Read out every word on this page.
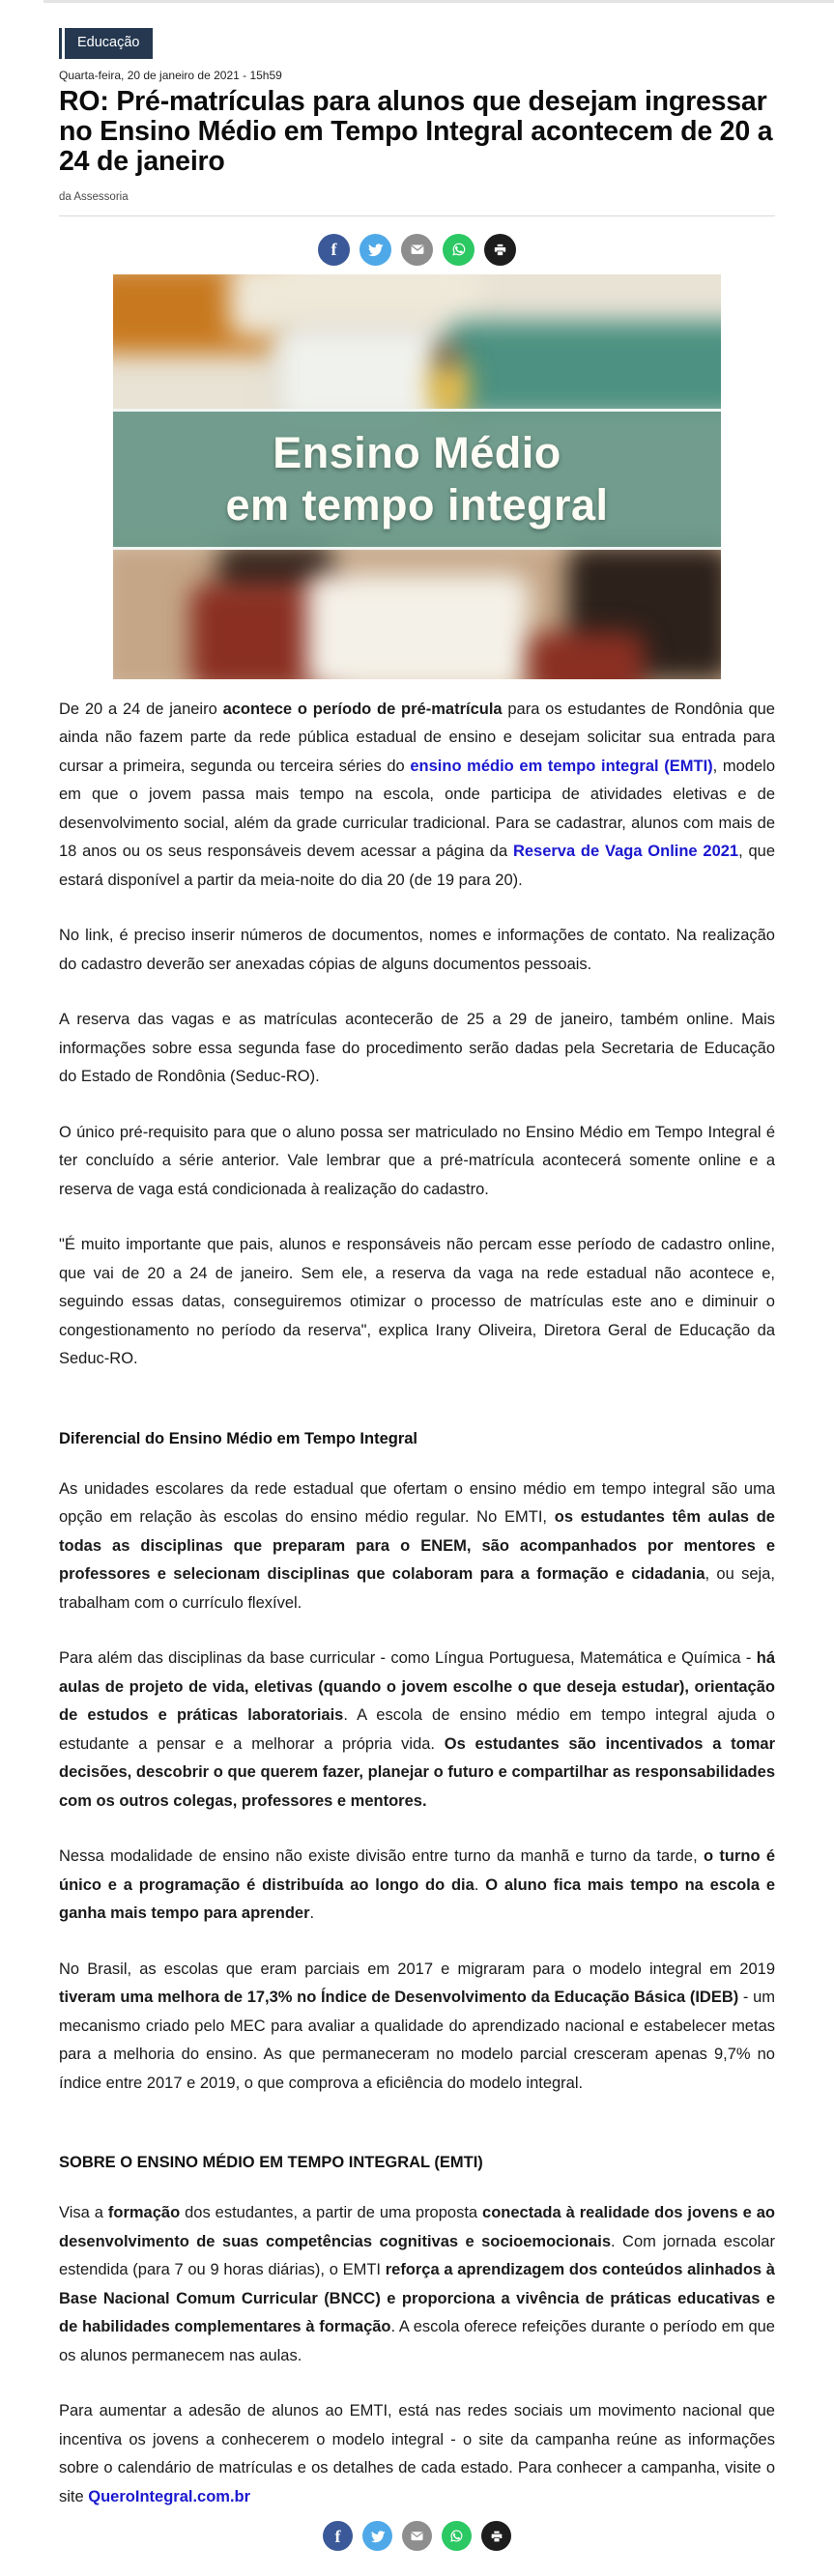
Educação
Quarta-feira, 20 de janeiro de 2021 - 15h59
RO: Pré-matrículas para alunos que desejam ingressar no Ensino Médio em Tempo Integral acontecem de 20 a 24 de janeiro
da Assessoria
f
Ensino Médio
em tempo integral

De 20 a 24 de janeiro acontece o período de pré-matrícula para os estudantes de Rondônia que ainda não fazem parte da rede pública estadual de ensino e desejam solicitar sua entrada para cursar a primeira, segunda ou terceira séries do ensino médio em tempo integral (EMTI), modelo em que o jovem passa mais tempo na escola, onde participa de atividades eletivas e de desenvolvimento social, além da grade curricular tradicional. Para se cadastrar, alunos com mais de 18 anos ou os seus responsáveis devem acessar a página da Reserva de Vaga Online 2021, que estará disponível a partir da meia-noite do dia 20 (de 19 para 20).

No link, é preciso inserir números de documentos, nomes e informações de contato. Na realização do cadastro deverão ser anexadas cópias de alguns documentos pessoais.

A reserva das vagas e as matrículas acontecerão de 25 a 29 de janeiro, também online. Mais informações sobre essa segunda fase do procedimento serão dadas pela Secretaria de Educação do Estado de Rondônia (Seduc-RO).

O único pré-requisito para que o aluno possa ser matriculado no Ensino Médio em Tempo Integral é ter concluído a série anterior. Vale lembrar que a pré-matrícula acontecerá somente online e a reserva de vaga está condicionada à realização do cadastro.

"É muito importante que pais, alunos e responsáveis não percam esse período de cadastro online, que vai de 20 a 24 de janeiro. Sem ele, a reserva da vaga na rede estadual não acontece e, seguindo essas datas, conseguiremos otimizar o processo de matrículas este ano e diminuir o congestionamento no período da reserva", explica Irany Oliveira, Diretora Geral de Educação da Seduc-RO.

Diferencial do Ensino Médio em Tempo Integral

As unidades escolares da rede estadual que ofertam o ensino médio em tempo integral são uma opção em relação às escolas do ensino médio regular. No EMTI, os estudantes têm aulas de todas as disciplinas que preparam para o ENEM, são acompanhados por mentores e professores e selecionam disciplinas que colaboram para a formação e cidadania, ou seja, trabalham com o currículo flexível.

Para além das disciplinas da base curricular - como Língua Portuguesa, Matemática e Química - há aulas de projeto de vida, eletivas (quando o jovem escolhe o que deseja estudar), orientação de estudos e práticas laboratoriais. A escola de ensino médio em tempo integral ajuda o estudante a pensar e a melhorar a própria vida. Os estudantes são incentivados a tomar decisões, descobrir o que querem fazer, planejar o futuro e compartilhar as responsabilidades com os outros colegas, professores e mentores.

Nessa modalidade de ensino não existe divisão entre turno da manhã e turno da tarde, o turno é único e a programação é distribuída ao longo do dia. O aluno fica mais tempo na escola e ganha mais tempo para aprender.

No Brasil, as escolas que eram parciais em 2017 e migraram para o modelo integral em 2019 tiveram uma melhora de 17,3% no Índice de Desenvolvimento da Educação Básica (IDEB) - um mecanismo criado pelo MEC para avaliar a qualidade do aprendizado nacional e estabelecer metas para a melhoria do ensino. As que permaneceram no modelo parcial cresceram apenas 9,7% no índice entre 2017 e 2019, o que comprova a eficiência do modelo integral.

SOBRE O ENSINO MÉDIO EM TEMPO INTEGRAL (EMTI)

Visa a formação dos estudantes, a partir de uma proposta conectada à realidade dos jovens e ao desenvolvimento de suas competências cognitivas e socioemocionais. Com jornada escolar estendida (para 7 ou 9 horas diárias), o EMTI reforça a aprendizagem dos conteúdos alinhados à Base Nacional Comum Curricular (BNCC) e proporciona a vivência de práticas educativas e de habilidades complementares à formação. A escola oferece refeições durante o período em que os alunos permanecem nas aulas.

Para aumentar a adesão de alunos ao EMTI, está nas redes sociais um movimento nacional que incentiva os jovens a conhecerem o modelo integral - o site da campanha reúne as informações sobre o calendário de matrículas e os detalhes de cada estado. Para conhecer a campanha, visite o site QueroIntegral.com.br

f
